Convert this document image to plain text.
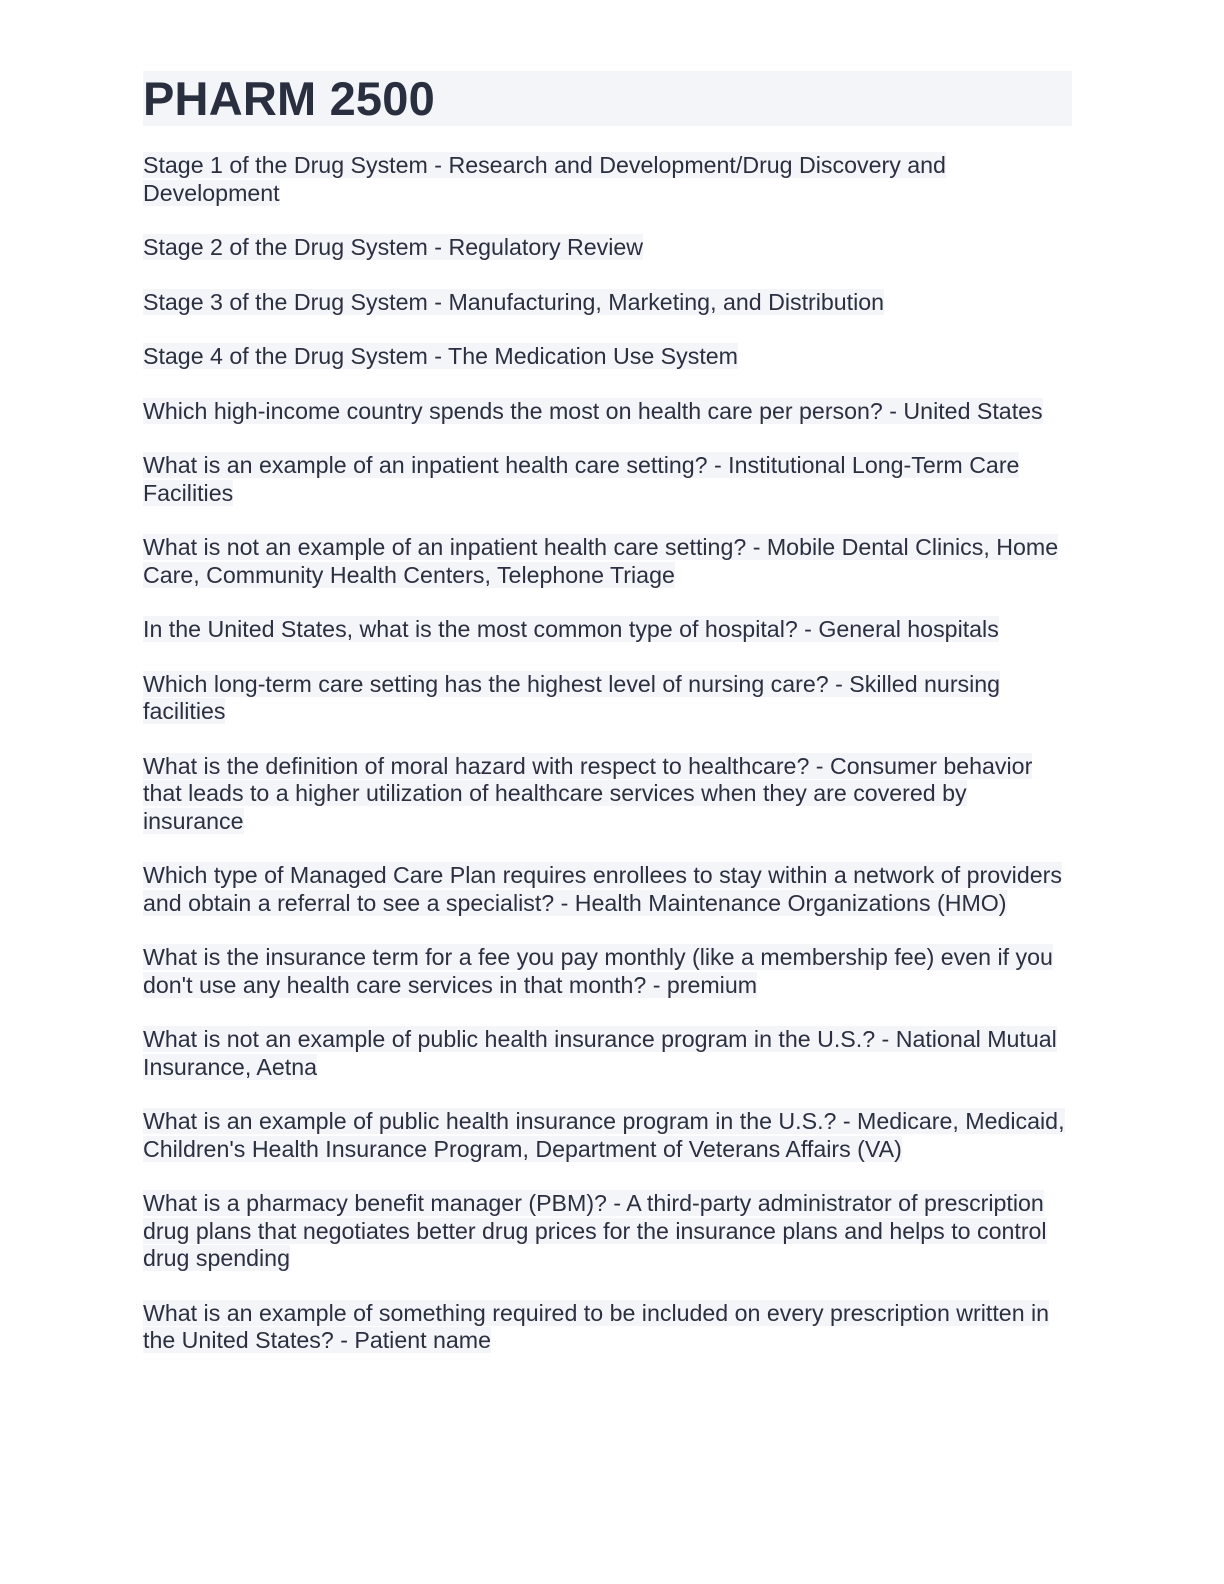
PHARM 2500

Stage 1 of the Drug System - Research and Development/Drug Discovery and Development

Stage 2 of the Drug System - Regulatory Review

Stage 3 of the Drug System - Manufacturing, Marketing, and Distribution

Stage 4 of the Drug System - The Medication Use System

Which high-income country spends the most on health care per person? - United States

What is an example of an inpatient health care setting? - Institutional Long-Term Care Facilities

What is not an example of an inpatient health care setting? - Mobile Dental Clinics, Home Care, Community Health Centers, Telephone Triage

In the United States, what is the most common type of hospital? - General hospitals

Which long-term care setting has the highest level of nursing care? - Skilled nursing facilities

What is the definition of moral hazard with respect to healthcare? - Consumer behavior that leads to a higher utilization of healthcare services when they are covered by insurance

Which type of Managed Care Plan requires enrollees to stay within a network of providers and obtain a referral to see a specialist? - Health Maintenance Organizations (HMO)

What is the insurance term for a fee you pay monthly (like a membership fee) even if you don't use any health care services in that month? - premium

What is not an example of public health insurance program in the U.S.? - National Mutual Insurance, Aetna

What is an example of public health insurance program in the U.S.? - Medicare, Medicaid, Children's Health Insurance Program, Department of Veterans Affairs (VA)

What is a pharmacy benefit manager (PBM)? - A third-party administrator of prescription drug plans that negotiates better drug prices for the insurance plans and helps to control drug spending

What is an example of something required to be included on every prescription written in the United States? - Patient name
